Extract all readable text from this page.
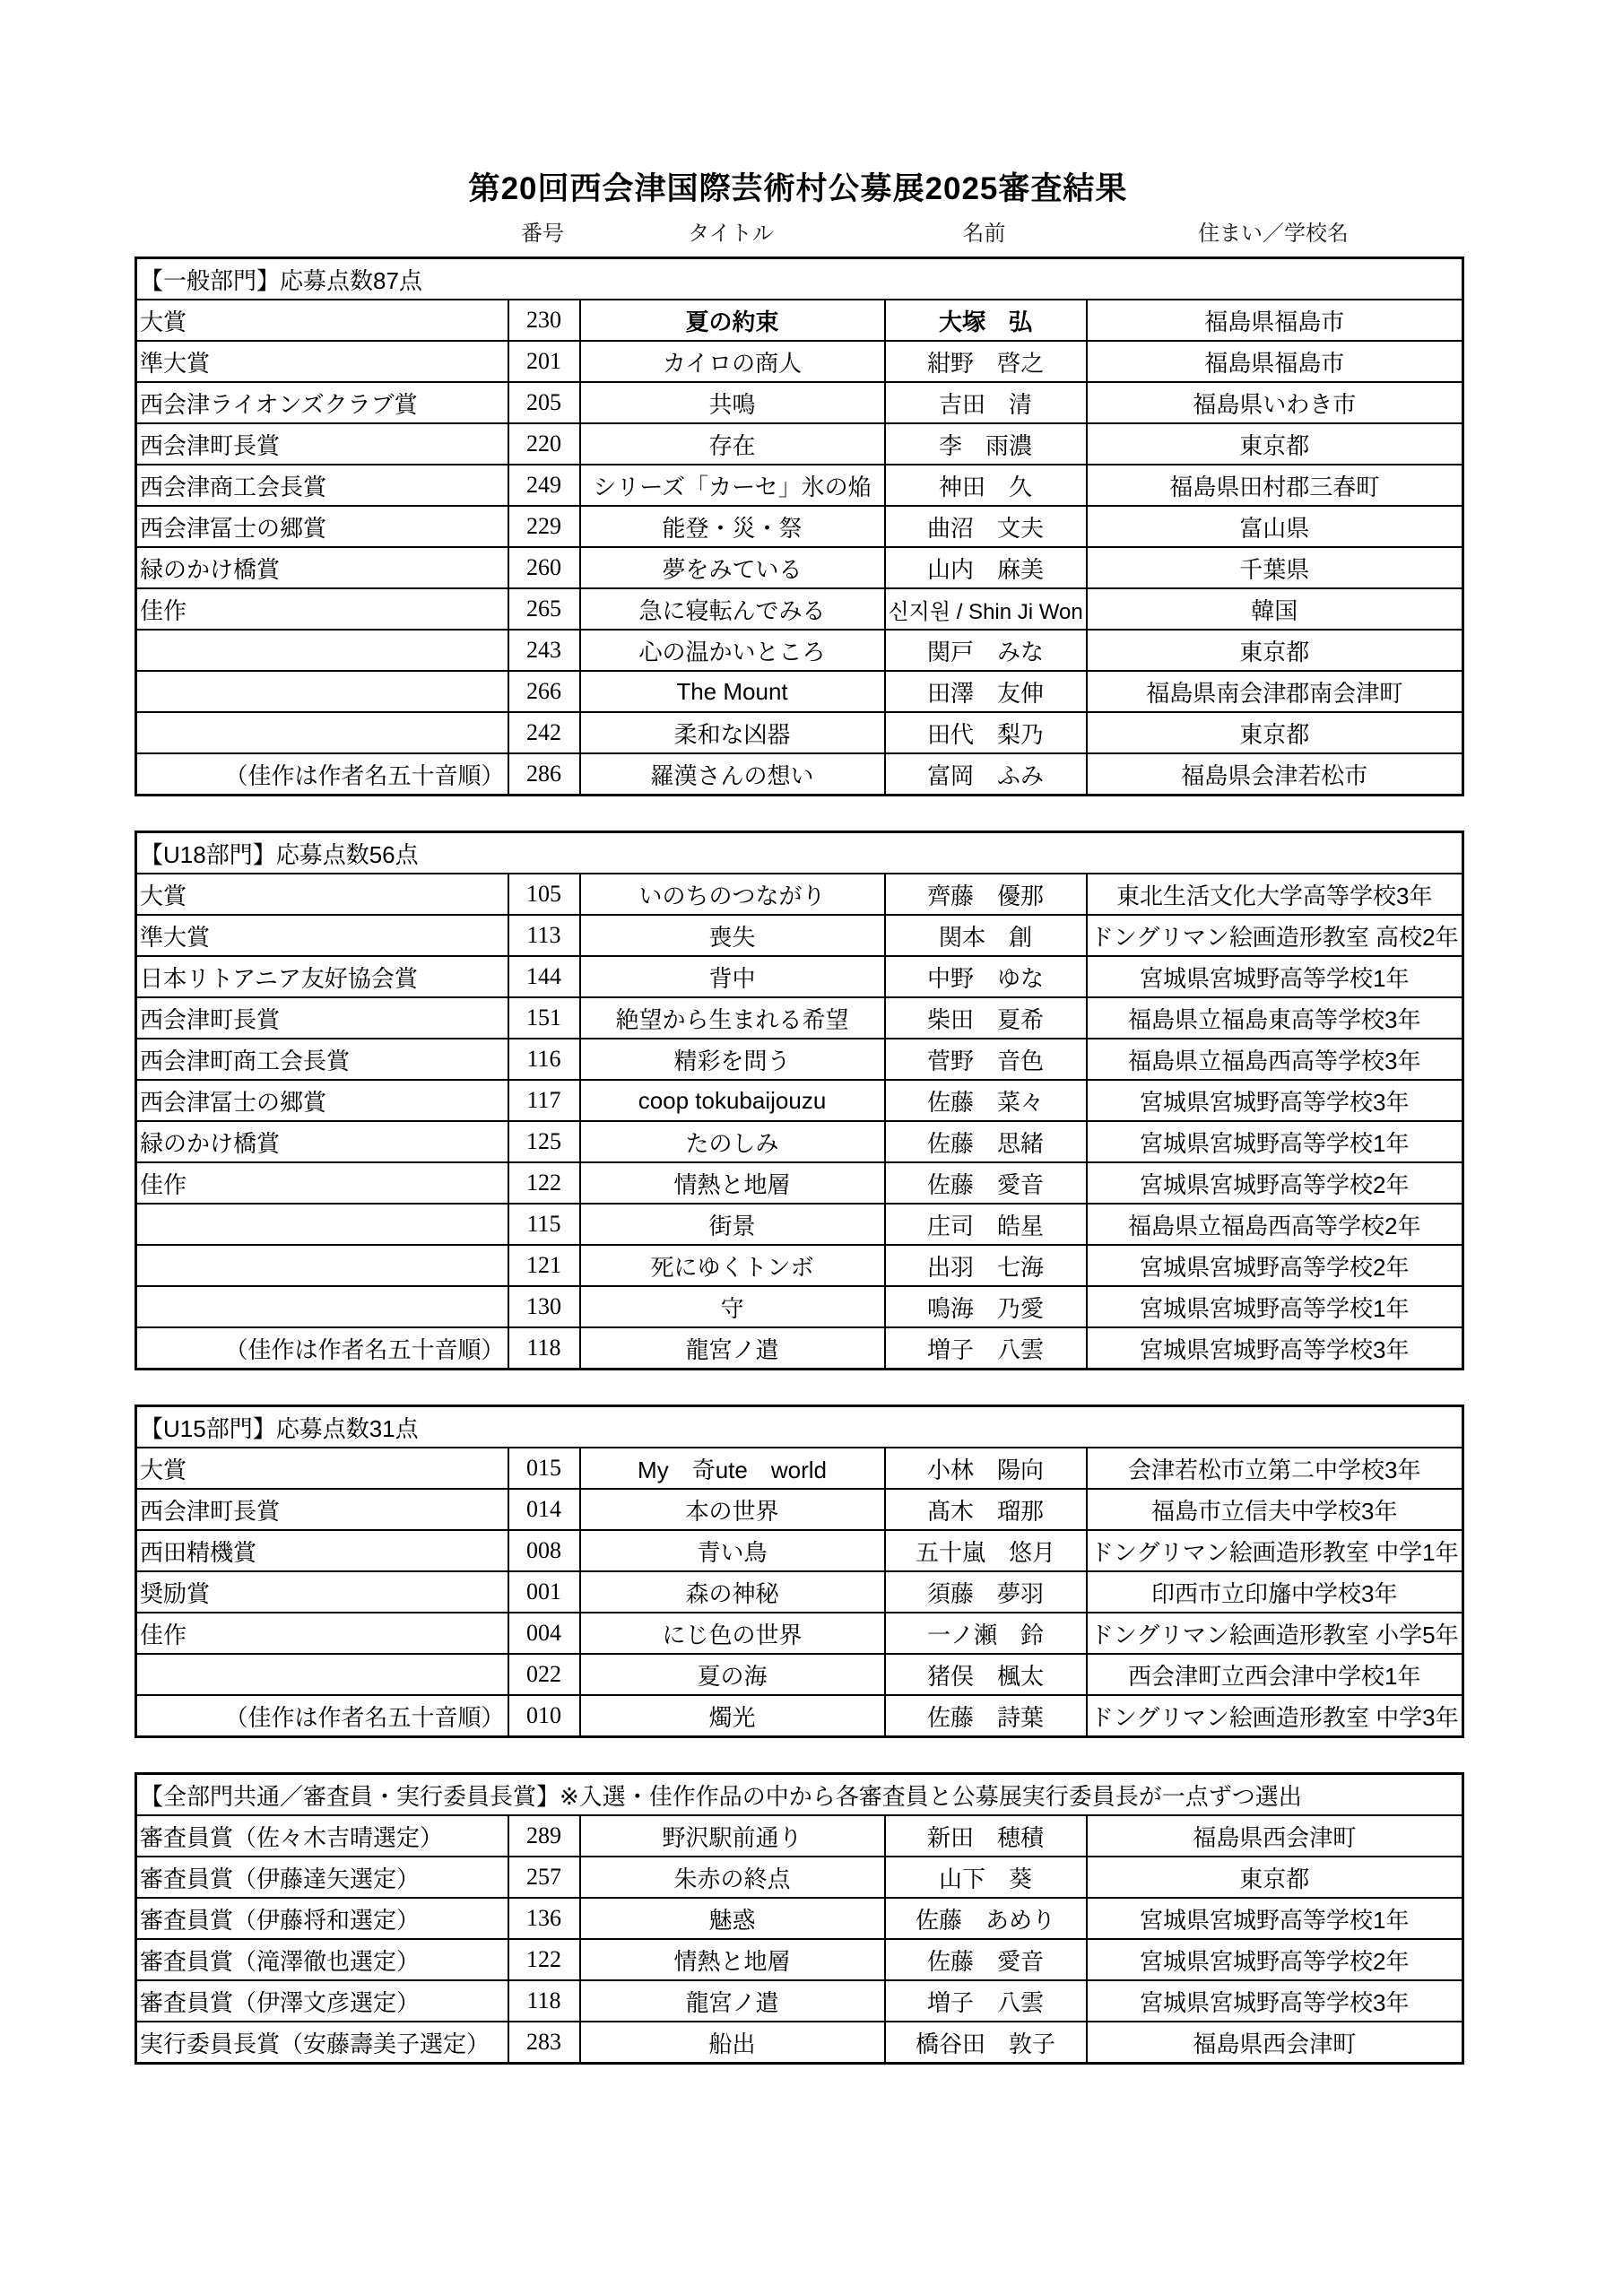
第20回西会津国際芸術村公募展2025審査結果
番号	タイトル	名前	住まい／学校名
【一般部門】応募点数87点				
大賞	230	夏の約束	大塚　弘	福島県福島市
準大賞	201	カイロの商人	紺野　啓之	福島県福島市
西会津ライオンズクラブ賞	205	共鳴	吉田　清	福島県いわき市
西会津町長賞	220	存在	李　雨濃	東京都
西会津商工会長賞	249	シリーズ「カーセ」氷の焔	神田　久	福島県田村郡三春町
西会津冨士の郷賞	229	能登・災・祭	曲沼　文夫	富山県
緑のかけ橋賞	260	夢をみている	山内　麻美	千葉県
佳作	265	急に寝転んでみる	신지원 / Shin Ji Won	韓国
	243	心の温かいところ	関戸　みな	東京都
	266	The Mount	田澤　友伸	福島県南会津郡南会津町
	242	柔和な凶器	田代　梨乃	東京都
（佳作は作者名五十音順）	286	羅漢さんの想い	富岡　ふみ	福島県会津若松市
【U18部門】応募点数56点				
大賞	105	いのちのつながり	齊藤　優那	東北生活文化大学高等学校3年
準大賞	113	喪失	関本　創	ドングリマン絵画造形教室 高校2年
日本リトアニア友好協会賞	144	背中	中野　ゆな	宮城県宮城野高等学校1年
西会津町長賞	151	絶望から生まれる希望	柴田　夏希	福島県立福島東高等学校3年
西会津町商工会長賞	116	精彩を問う	菅野　音色	福島県立福島西高等学校3年
西会津冨士の郷賞	117	coop tokubaijouzu	佐藤　菜々	宮城県宮城野高等学校3年
緑のかけ橋賞	125	たのしみ	佐藤　思緒	宮城県宮城野高等学校1年
佳作	122	情熱と地層	佐藤　愛音	宮城県宮城野高等学校2年
	115	街景	庄司　皓星	福島県立福島西高等学校2年
	121	死にゆくトンボ	出羽　七海	宮城県宮城野高等学校2年
	130	守	鳴海　乃愛	宮城県宮城野高等学校1年
（佳作は作者名五十音順）	118	龍宮ノ遣	増子　八雲	宮城県宮城野高等学校3年
【U15部門】応募点数31点				
大賞	015	My　奇ute　world	小林　陽向	会津若松市立第二中学校3年
西会津町長賞	014	本の世界	髙木　瑠那	福島市立信夫中学校3年
西田精機賞	008	青い鳥	五十嵐　悠月	ドングリマン絵画造形教室 中学1年
奨励賞	001	森の神秘	須藤　夢羽	印西市立印旛中学校3年
佳作	004	にじ色の世界	一ノ瀬　鈴	ドングリマン絵画造形教室 小学5年
	022	夏の海	猪俣　楓太	西会津町立西会津中学校1年
（佳作は作者名五十音順）	010	燭光	佐藤　詩葉	ドングリマン絵画造形教室 中学3年
【全部門共通／審査員・実行委員長賞】※入選・佳作作品の中から各審査員と公募展実行委員長が一点ずつ選出				
審査員賞（佐々木吉晴選定）	289	野沢駅前通り	新田　穂積	福島県西会津町
審査員賞（伊藤達矢選定）	257	朱赤の終点	山下　葵	東京都
審査員賞（伊藤将和選定）	136	魅惑	佐藤　あめり	宮城県宮城野高等学校1年
審査員賞（滝澤徹也選定）	122	情熱と地層	佐藤　愛音	宮城県宮城野高等学校2年
審査員賞（伊澤文彦選定）	118	龍宮ノ遣	増子　八雲	宮城県宮城野高等学校3年
実行委員長賞（安藤壽美子選定）	283	船出	橋谷田　敦子	福島県西会津町
